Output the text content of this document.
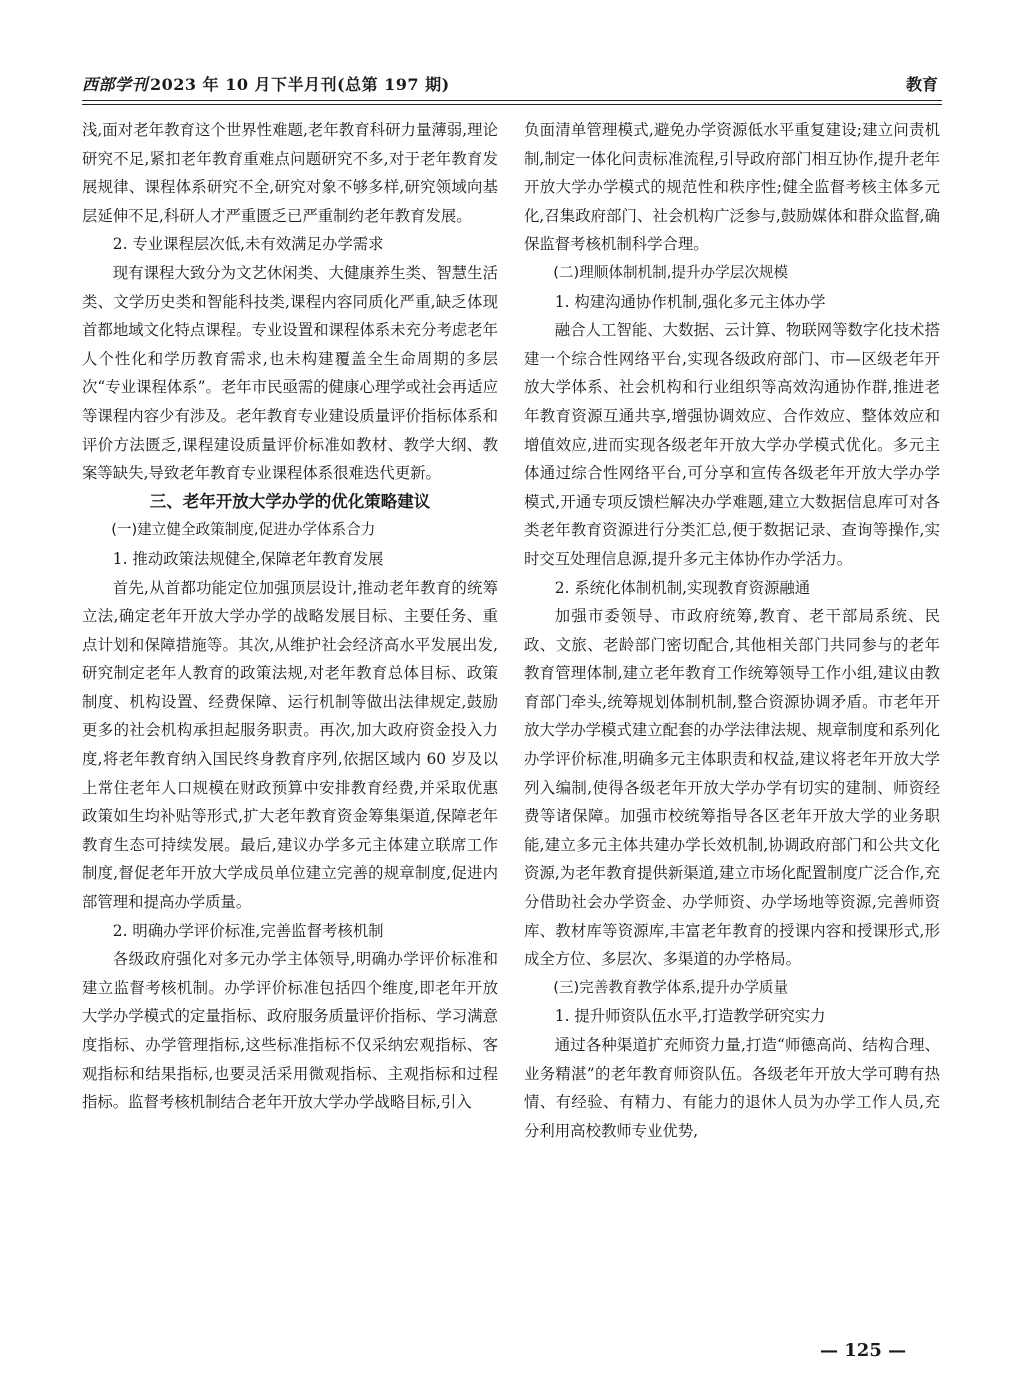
西部学刊 2023 年 10 月下半月刊(总第 197 期)	教育

浅,面对老年教育这个世界性难题,老年教育科研力量薄弱,理论研究不足,紧扣老年教育重难点问题研究不多,对于老年教育发展规律、课程体系研究不全,研究对象不够多样,研究领域向基层延伸不足,科研人才严重匮乏已严重制约老年教育发展。

2. 专业课程层次低,未有效满足办学需求

现有课程大致分为文艺休闲类、大健康养生类、智慧生活类、文学历史类和智能科技类,课程内容同质化严重,缺乏体现首都地域文化特点课程。专业设置和课程体系未充分考虑老年人个性化和学历教育需求,也未构建覆盖全生命周期的多层次“专业课程体系”。老年市民亟需的健康心理学或社会再适应等课程内容少有涉及。老年教育专业建设质量评价指标体系和评价方法匮乏,课程建设质量评价标准如教材、教学大纲、教案等缺失,导致老年教育专业课程体系很难迭代更新。

三、老年开放大学办学的优化策略建议

(一)建立健全政策制度,促进办学体系合力

1. 推动政策法规健全,保障老年教育发展

首先,从首都功能定位加强顶层设计,推动老年教育的统筹立法,确定老年开放大学办学的战略发展目标、主要任务、重点计划和保障措施等。其次,从维护社会经济高水平发展出发,研究制定老年人教育的政策法规,对老年教育总体目标、政策制度、机构设置、经费保障、运行机制等做出法律规定,鼓励更多的社会机构承担起服务职责。再次,加大政府资金投入力度,将老年教育纳入国民终身教育序列,依据区域内 60 岁及以上常住老年人口规模在财政预算中安排教育经费,并采取优惠政策如生均补贴等形式,扩大老年教育资金筹集渠道,保障老年教育生态可持续发展。最后,建议办学多元主体建立联席工作制度,督促老年开放大学成员单位建立完善的规章制度,促进内部管理和提高办学质量。

2. 明确办学评价标准,完善监督考核机制

各级政府强化对多元办学主体领导,明确办学评价标准和建立监督考核机制。办学评价标准包括四个维度,即老年开放大学办学模式的定量指标、政府服务质量评价指标、学习满意度指标、办学管理指标,这些标准指标不仅采纳宏观指标、客观指标和结果指标,也要灵活采用微观指标、主观指标和过程指标。监督考核机制结合老年开放大学办学战略目标,引入

负面清单管理模式,避免办学资源低水平重复建设;建立问责机制,制定一体化问责标准流程,引导政府部门相互协作,提升老年开放大学办学模式的规范性和秩序性;健全监督考核主体多元化,召集政府部门、社会机构广泛参与,鼓励媒体和群众监督,确保监督考核机制科学合理。

(二)理顺体制机制,提升办学层次规模

1. 构建沟通协作机制,强化多元主体办学

融合人工智能、大数据、云计算、物联网等数字化技术搭建一个综合性网络平台,实现各级政府部门、市—区级老年开放大学体系、社会机构和行业组织等高效沟通协作群,推进老年教育资源互通共享,增强协调效应、合作效应、整体效应和增值效应,进而实现各级老年开放大学办学模式优化。多元主体通过综合性网络平台,可分享和宣传各级老年开放大学办学模式,开通专项反馈栏解决办学难题,建立大数据信息库可对各类老年教育资源进行分类汇总,便于数据记录、查询等操作,实时交互处理信息源,提升多元主体协作办学活力。

2. 系统化体制机制,实现教育资源融通

加强市委领导、市政府统筹,教育、老干部局系统、民政、文旅、老龄部门密切配合,其他相关部门共同参与的老年教育管理体制,建立老年教育工作统筹领导工作小组,建议由教育部门牵头,统筹规划体制机制,整合资源协调矛盾。市老年开放大学办学模式建立配套的办学法律法规、规章制度和系列化办学评价标准,明确多元主体职责和权益,建议将老年开放大学列入编制,使得各级老年开放大学办学有切实的建制、师资经费等诸保障。加强市校统筹指导各区老年开放大学的业务职能,建立多元主体共建办学长效机制,协调政府部门和公共文化资源,为老年教育提供新渠道,建立市场化配置制度广泛合作,充分借助社会办学资金、办学师资、办学场地等资源,完善师资库、教材库等资源库,丰富老年教育的授课内容和授课形式,形成全方位、多层次、多渠道的办学格局。

(三)完善教育教学体系,提升办学质量

1. 提升师资队伍水平,打造教学研究实力

通过各种渠道扩充师资力量,打造“师德高尚、结构合理、业务精湛”的老年教育师资队伍。各级老年开放大学可聘有热情、有经验、有精力、有能力的退休人员为办学工作人员,充分利用高校教师专业优势,

— 125 —
